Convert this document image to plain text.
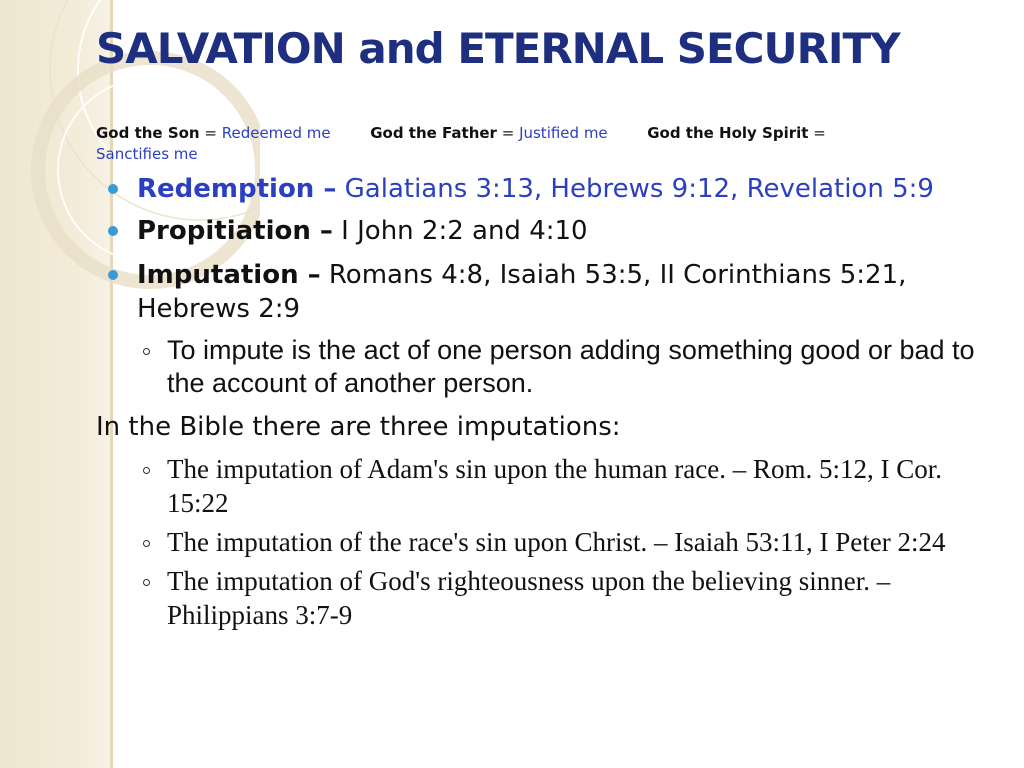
SALVATION and ETERNAL SECURITY
God the Son = Redeemed me	God the Father = Justified me	God the Holy Spirit =
Sanctifies me
Redemption – Galatians 3:13, Hebrews 9:12, Revelation 5:9
Propitiation – I John 2:2 and 4:10
Imputation – Romans 4:8, Isaiah 53:5, II Corinthians 5:21, Hebrews 2:9
To impute is the act of one person adding something good or bad to the account of another person.
In the Bible there are three imputations:
The imputation of Adam's sin upon the human race. – Rom. 5:12, I Cor. 15:22
The imputation of the race's sin upon Christ. – Isaiah 53:11, I Peter 2:24
The imputation of God's righteousness upon the believing sinner. – Philippians 3:7-9
